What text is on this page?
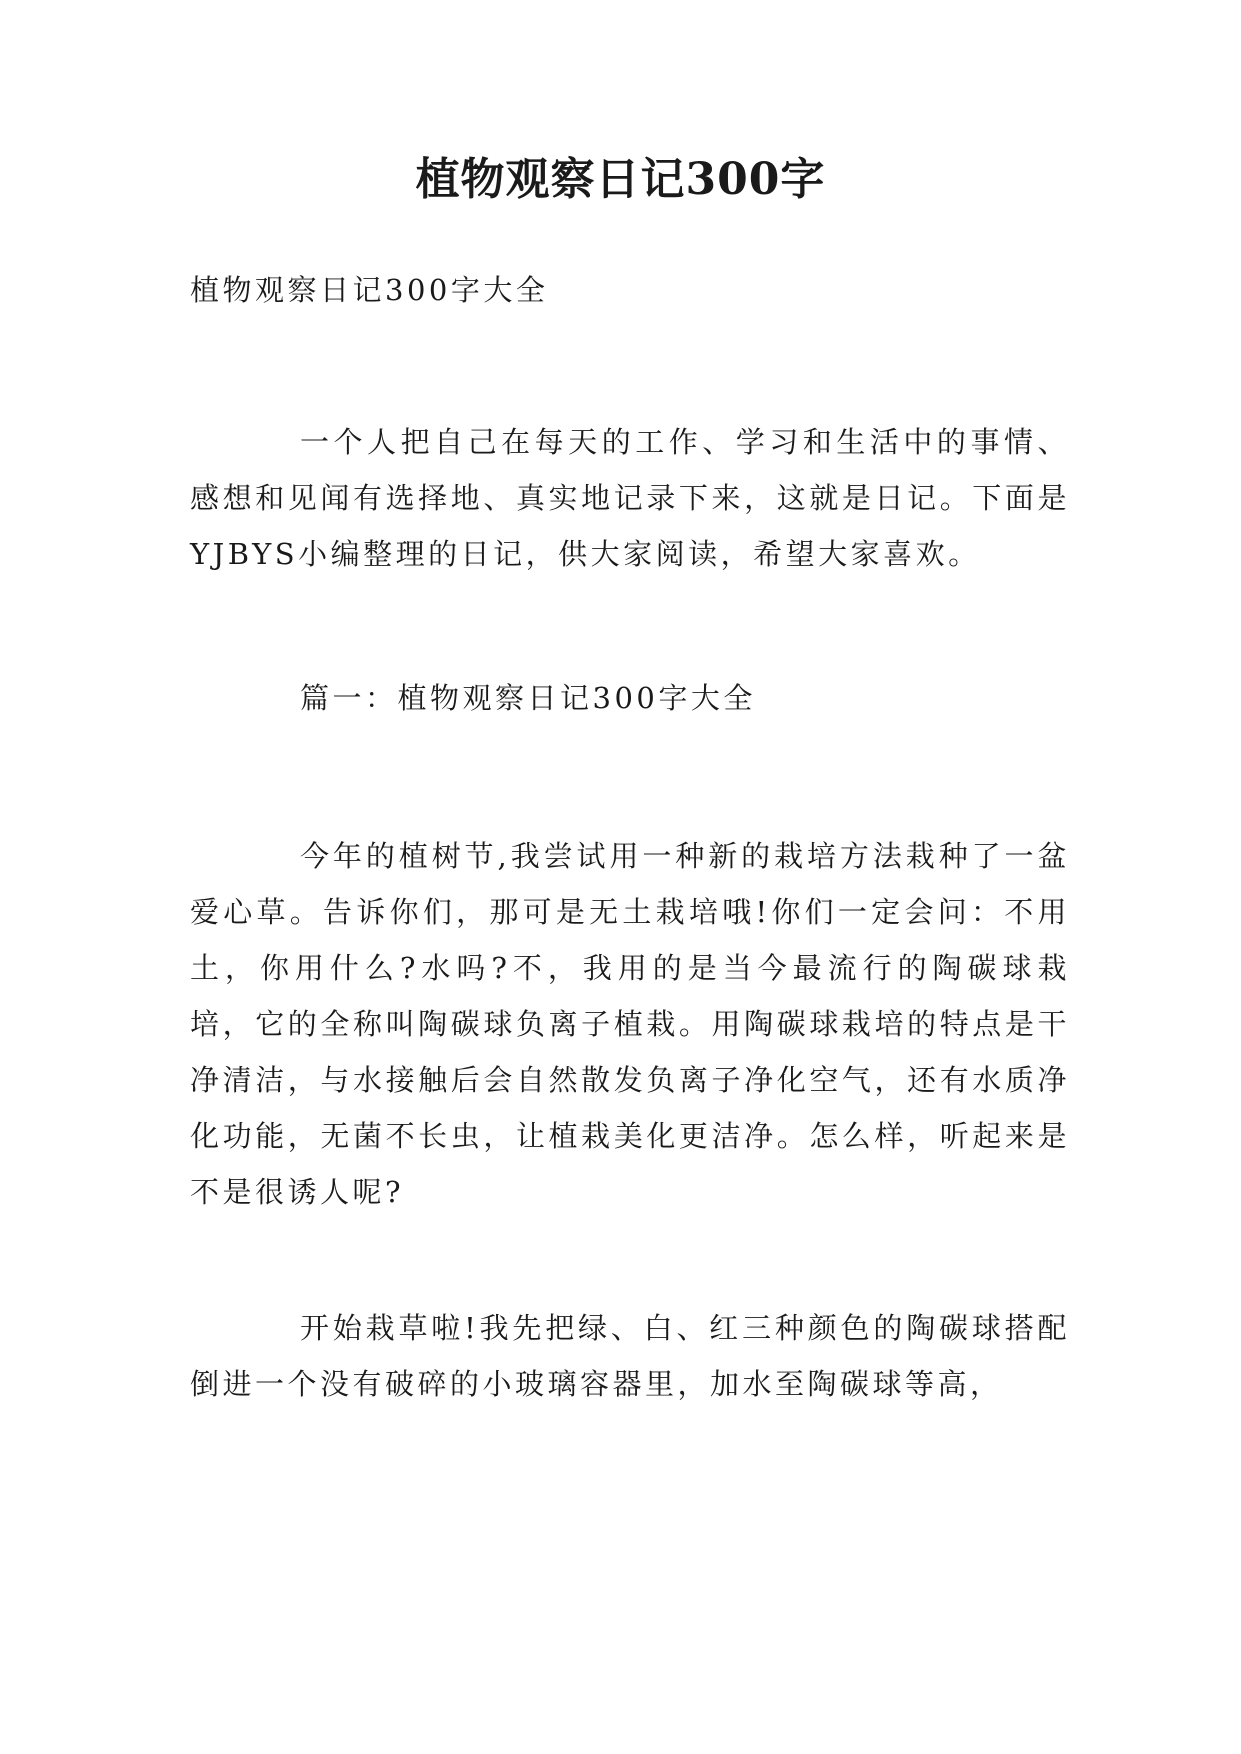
植物观察日记300字

植物观察日记300字大全

一个人把自己在每天的工作、学习和生活中的事情、感想和见闻有选择地、真实地记录下来，这就是日记。下面是YJBYS小编整理的日记，供大家阅读，希望大家喜欢。

篇一：植物观察日记300字大全

今年的植树节,我尝试用一种新的栽培方法栽种了一盆爱心草。告诉你们，那可是无土栽培哦!你们一定会问：不用土，你用什么?水吗?不，我用的是当今最流行的陶碳球栽培，它的全称叫陶碳球负离子植栽。用陶碳球栽培的特点是干净清洁，与水接触后会自然散发负离子净化空气，还有水质净化功能，无菌不长虫，让植栽美化更洁净。怎么样，听起来是不是很诱人呢?

开始栽草啦!我先把绿、白、红三种颜色的陶碳球搭配倒进一个没有破碎的小玻璃容器里，加水至陶碳球等高，
